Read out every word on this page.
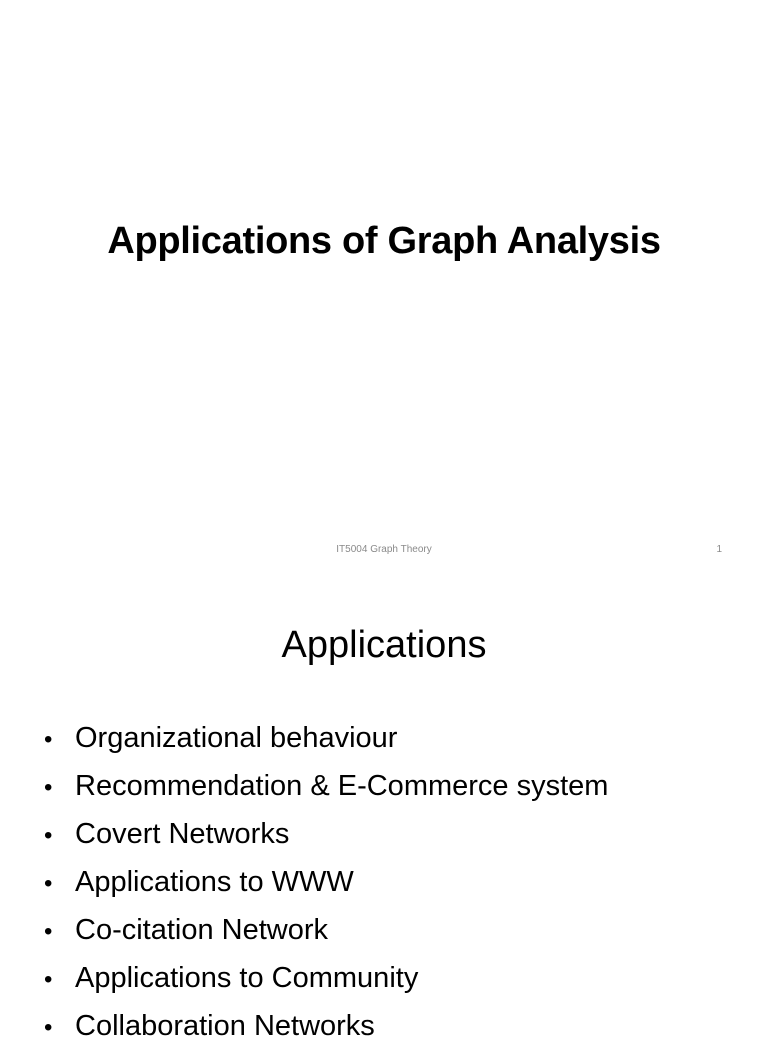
Applications of Graph Analysis
IT5004 Graph Theory	1
Applications
• Organizational behaviour
• Recommendation & E-Commerce system
• Covert Networks
• Applications to WWW
• Co-citation Network
• Applications to Community
• Collaboration Networks
